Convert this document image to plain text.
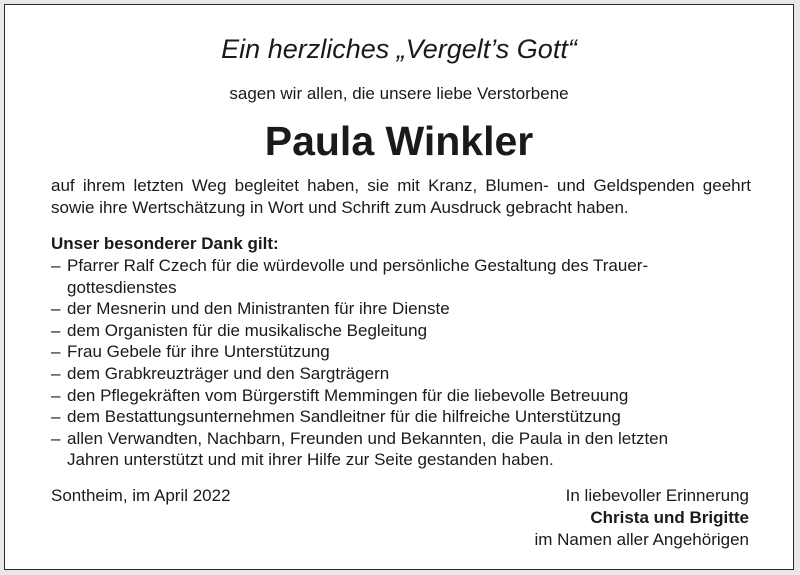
Ein herzliches „Vergelt’s Gott“
sagen wir allen, die unsere liebe Verstorbene
Paula Winkler
auf ihrem letzten Weg begleitet haben, sie mit Kranz, Blumen- und Geldspenden geehrt sowie ihre Wertschätzung in Wort und Schrift zum Ausdruck gebracht haben.
Unser besonderer Dank gilt:
– Pfarrer Ralf Czech für die würdevolle und persönliche Gestaltung des Trauer-
gottesdienstes
– der Mesnerin und den Ministranten für ihre Dienste
– dem Organisten für die musikalische Begleitung
– Frau Gebele für ihre Unterstützung
– dem Grabkreuzträger und den Sargträgern
– den Pflegekräften vom Bürgerstift Memmingen für die liebevolle Betreuung
– dem Bestattungsunternehmen Sandleitner für die hilfreiche Unterstützung
– allen Verwandten, Nachbarn, Freunden und Bekannten, die Paula in den letzten
Jahren unterstützt und mit ihrer Hilfe zur Seite gestanden haben.
Sontheim, im April 2022	In liebevoller Erinnerung
Christa und Brigitte
im Namen aller Angehörigen
